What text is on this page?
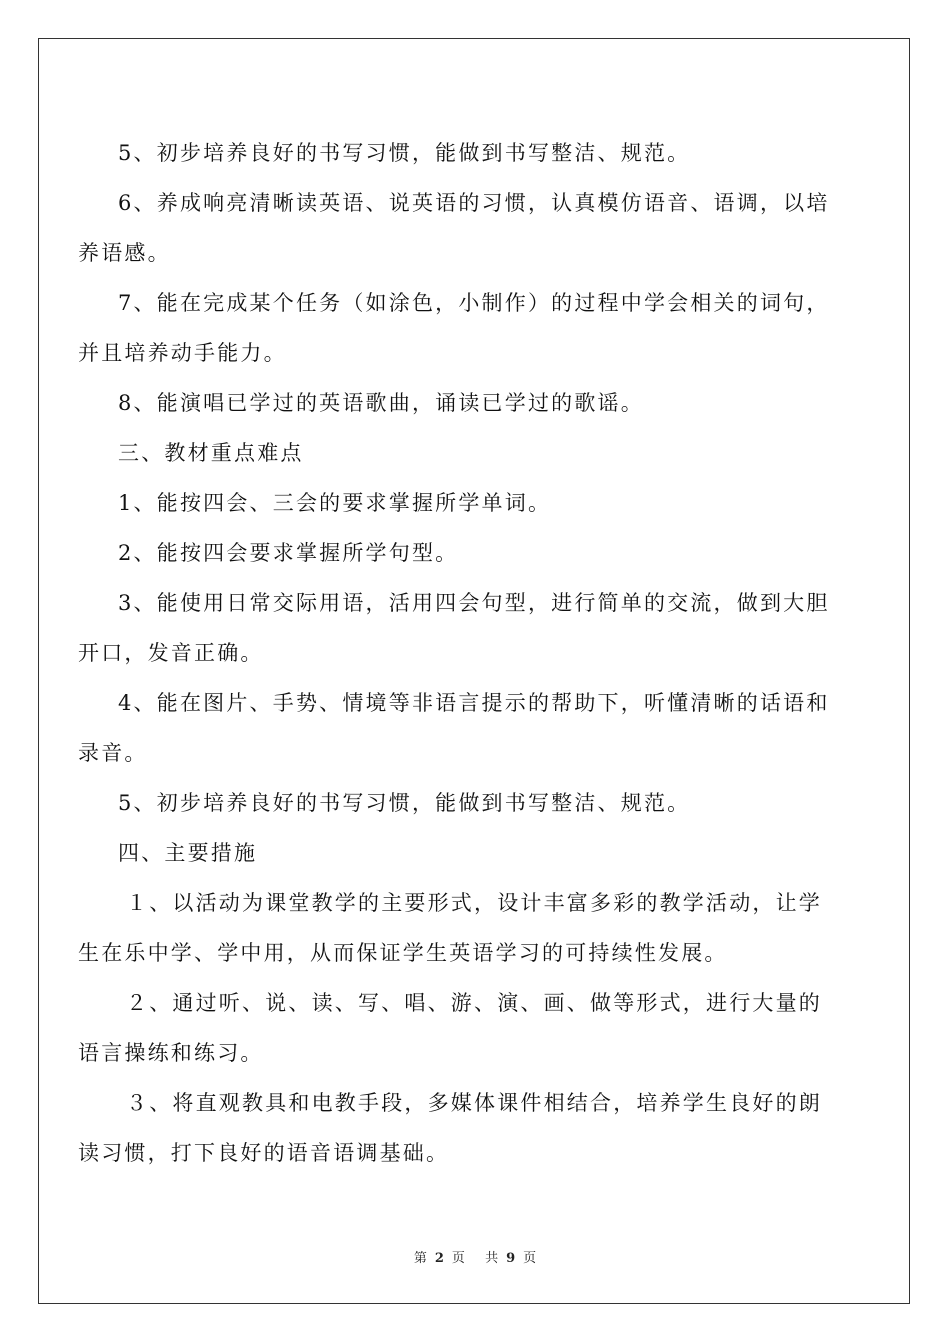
5、初步培养良好的书写习惯，能做到书写整洁、规范。

6、养成响亮清晰读英语、说英语的习惯，认真模仿语音、语调，以培养语感。

7、能在完成某个任务（如涂色，小制作）的过程中学会相关的词句，并且培养动手能力。

8、能演唱已学过的英语歌曲，诵读已学过的歌谣。

三、教材重点难点

1、能按四会、三会的要求掌握所学单词。

2、能按四会要求掌握所学句型。

3、能使用日常交际用语，活用四会句型，进行简单的交流，做到大胆开口，发音正确。

4、能在图片、手势、情境等非语言提示的帮助下，听懂清晰的话语和录音。

5、初步培养良好的书写习惯，能做到书写整洁、规范。

四、主要措施

１、以活动为课堂教学的主要形式，设计丰富多彩的教学活动，让学生在乐中学、学中用，从而保证学生英语学习的可持续性发展。

２、通过听、说、读、写、唱、游、演、画、做等形式，进行大量的语言操练和练习。

３、将直观教具和电教手段，多媒体课件相结合，培养学生良好的朗读习惯，打下良好的语音语调基础。

第 2 页 共 9 页
